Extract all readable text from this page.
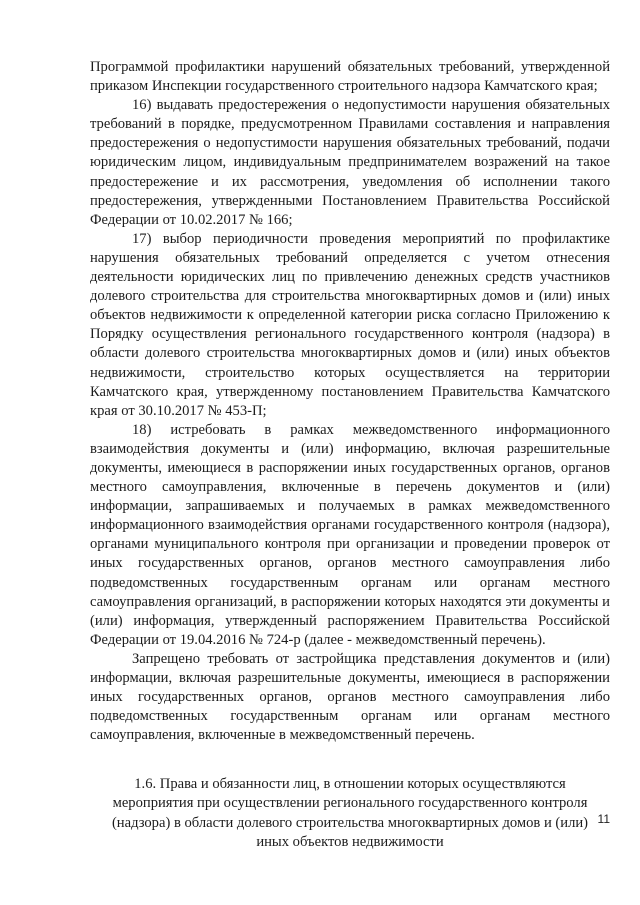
Программой профилактики нарушений обязательных требований, утвержденной приказом Инспекции государственного строительного надзора Камчатского края;

16) выдавать предостережения о недопустимости нарушения обязательных требований в порядке, предусмотренном Правилами составления и направления предостережения о недопустимости нарушения обязательных требований, подачи юридическим лицом, индивидуальным предпринимателем возражений на такое предостережение и их рассмотрения, уведомления об исполнении такого предостережения, утвержденными Постановлением Правительства Российской Федерации от 10.02.2017 № 166;

17) выбор периодичности проведения мероприятий по профилактике нарушения обязательных требований определяется с учетом отнесения деятельности юридических лиц по привлечению денежных средств участников долевого строительства для строительства многоквартирных домов и (или) иных объектов недвижимости к определенной категории риска согласно Приложению к Порядку осуществления регионального государственного контроля (надзора) в области долевого строительства многоквартирных домов и (или) иных объектов недвижимости, строительство которых осуществляется на территории Камчатского края, утвержденному постановлением Правительства Камчатского края от 30.10.2017 № 453-П;

18) истребовать в рамках межведомственного информационного взаимодействия документы и (или) информацию, включая разрешительные документы, имеющиеся в распоряжении иных государственных органов, органов местного самоуправления, включенные в перечень документов и (или) информации, запрашиваемых и получаемых в рамках межведомственного информационного взаимодействия органами государственного контроля (надзора), органами муниципального контроля при организации и проведении проверок от иных государственных органов, органов местного самоуправления либо подведомственных государственным органам или органам местного самоуправления организаций, в распоряжении которых находятся эти документы и (или) информация, утвержденный распоряжением Правительства Российской Федерации от 19.04.2016 № 724-р (далее - межведомственный перечень).

Запрещено требовать от застройщика представления документов и (или) информации, включая разрешительные документы, имеющиеся в распоряжении иных государственных органов, органов местного самоуправления либо подведомственных государственным органам или органам местного самоуправления, включенные в межведомственный перечень.

1.6. Права и обязанности лиц, в отношении которых осуществляются мероприятия при осуществлении регионального государственного контроля (надзора) в области долевого строительства многоквартирных домов и (или) иных объектов недвижимости

11
